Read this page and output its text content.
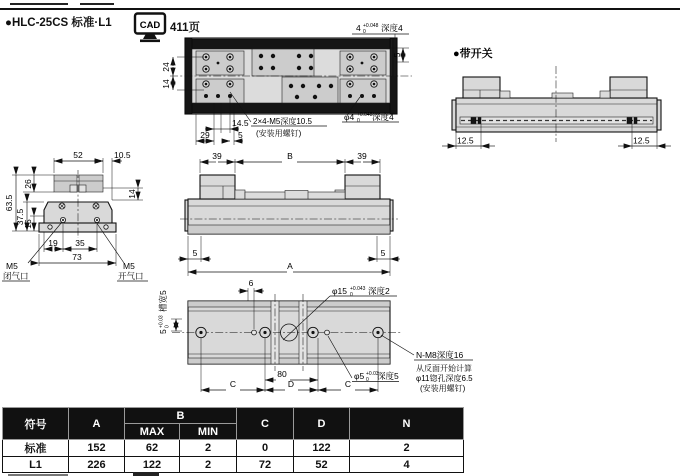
●HLC-25CS 标准·L1	CAD 411页
24
14
14.5
29	5
2×4-M5深度10.5
(安装用螺钉)
4 +0.048
0 深度4
5
φ4 +0.048
0 深度4
●带开关
12.5	12.5
52	10.5
26
63.5
37.5
15
14
19 35
73
M5
闭气口
M5
开气口
39	B	39
5	5
A
6
φ15 +0.043
0 深度2
φ5 +0.03
0 深度5
N-M8深度16
从反面开始计算
φ11锪孔深度6.5
(安装用螺钉)
5
+0.03 0
槽宽5
80
C	D	C
符号	A	B		C	D	N
		MAX	MIN			
标准	152	62	2	0	122	2
L1	226	122	2	72	52	4
